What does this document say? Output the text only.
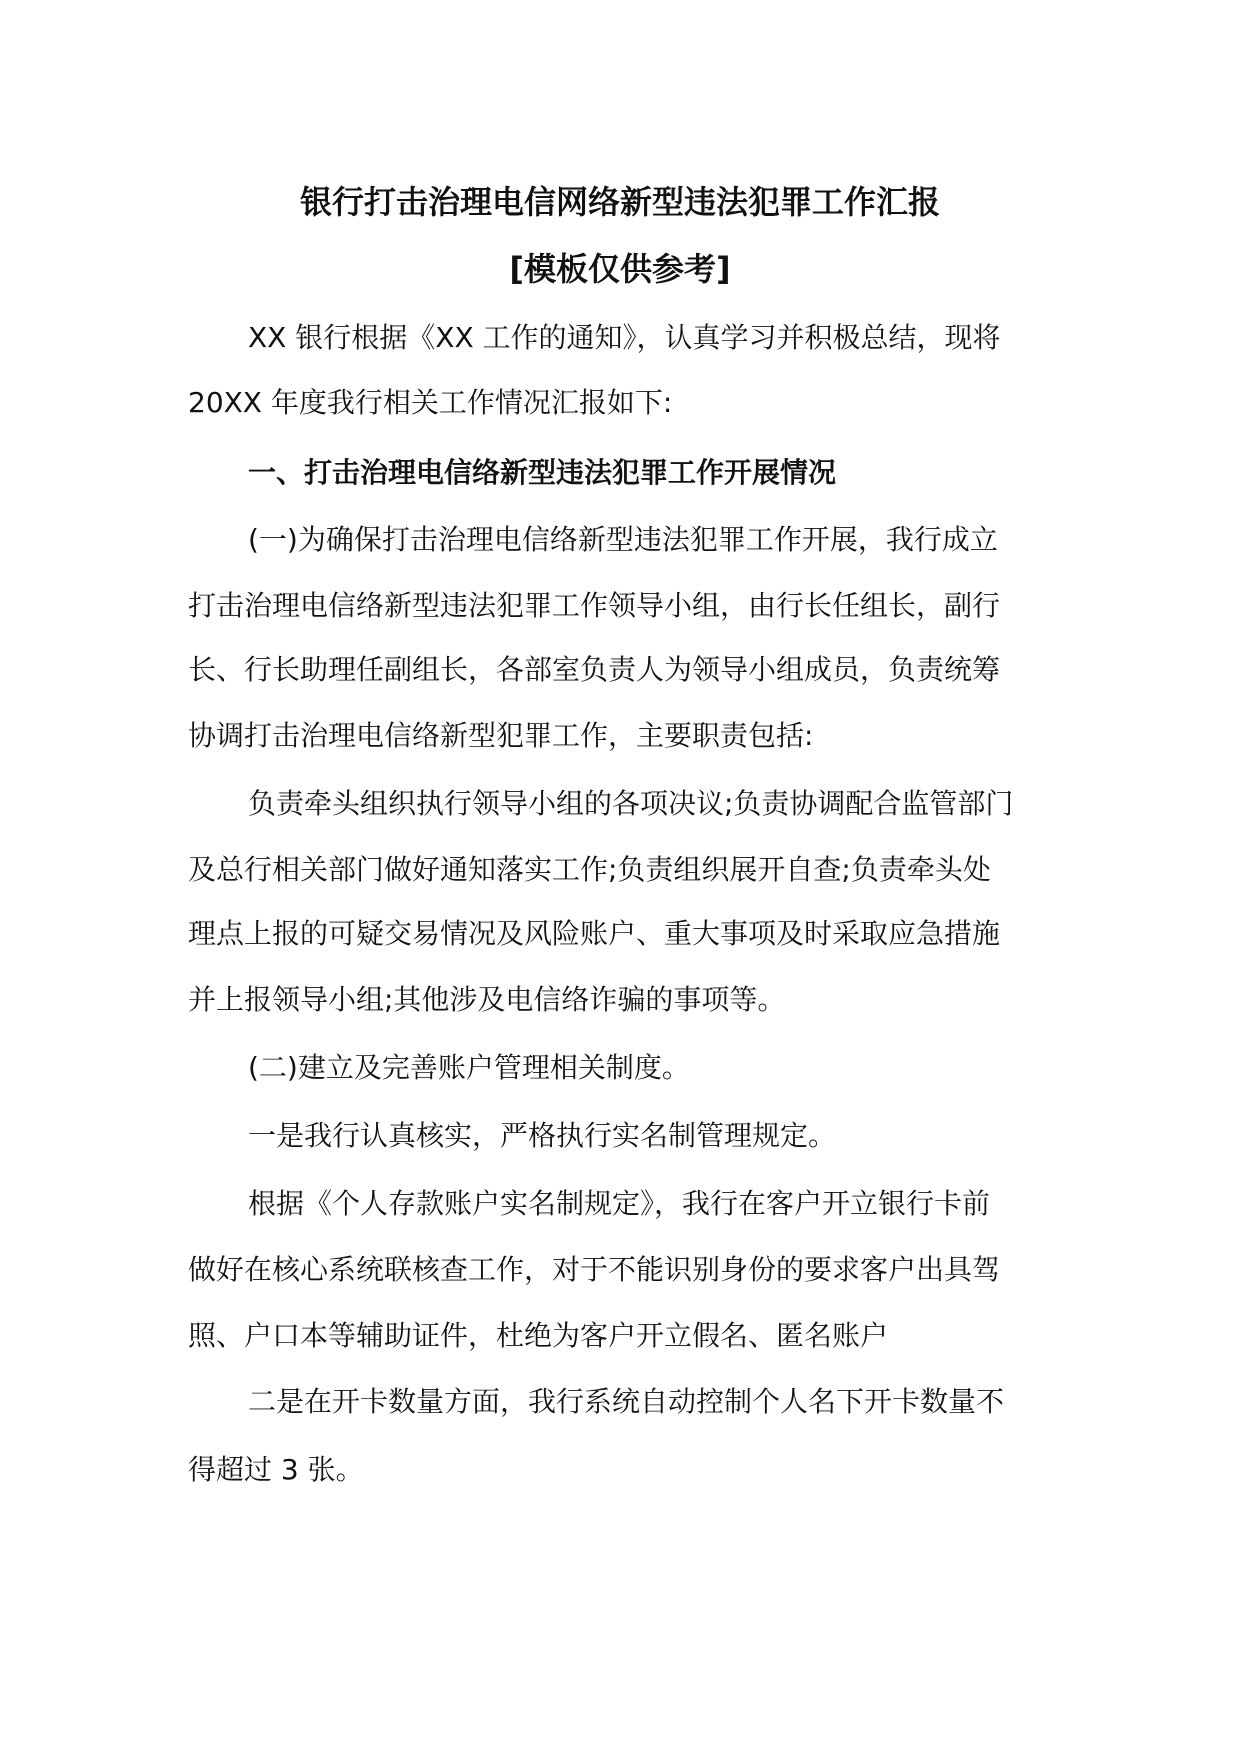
银行打击治理电信网络新型违法犯罪工作汇报
[模板仅供参考]
XX 银行根据《XX 工作的通知》，认真学习并积极总结，现将
20XX 年度我行相关工作情况汇报如下:
一、打击治理电信络新型违法犯罪工作开展情况
(一)为确保打击治理电信络新型违法犯罪工作开展，我行成立
打击治理电信络新型违法犯罪工作领导小组，由行长任组长，副行
长、行长助理任副组长，各部室负责人为领导小组成员，负责统筹
协调打击治理电信络新型犯罪工作，主要职责包括:
负责牵头组织执行领导小组的各项决议;负责协调配合监管部门
及总行相关部门做好通知落实工作;负责组织展开自查;负责牵头处
理点上报的可疑交易情况及风险账户、重大事项及时采取应急措施
并上报领导小组;其他涉及电信络诈骗的事项等。
(二)建立及完善账户管理相关制度。
一是我行认真核实，严格执行实名制管理规定。
根据《个人存款账户实名制规定》，我行在客户开立银行卡前
做好在核心系统联核查工作，对于不能识别身份的要求客户出具驾
照、户口本等辅助证件，杜绝为客户开立假名、匿名账户
二是在开卡数量方面，我行系统自动控制个人名下开卡数量不
得超过 3 张。
